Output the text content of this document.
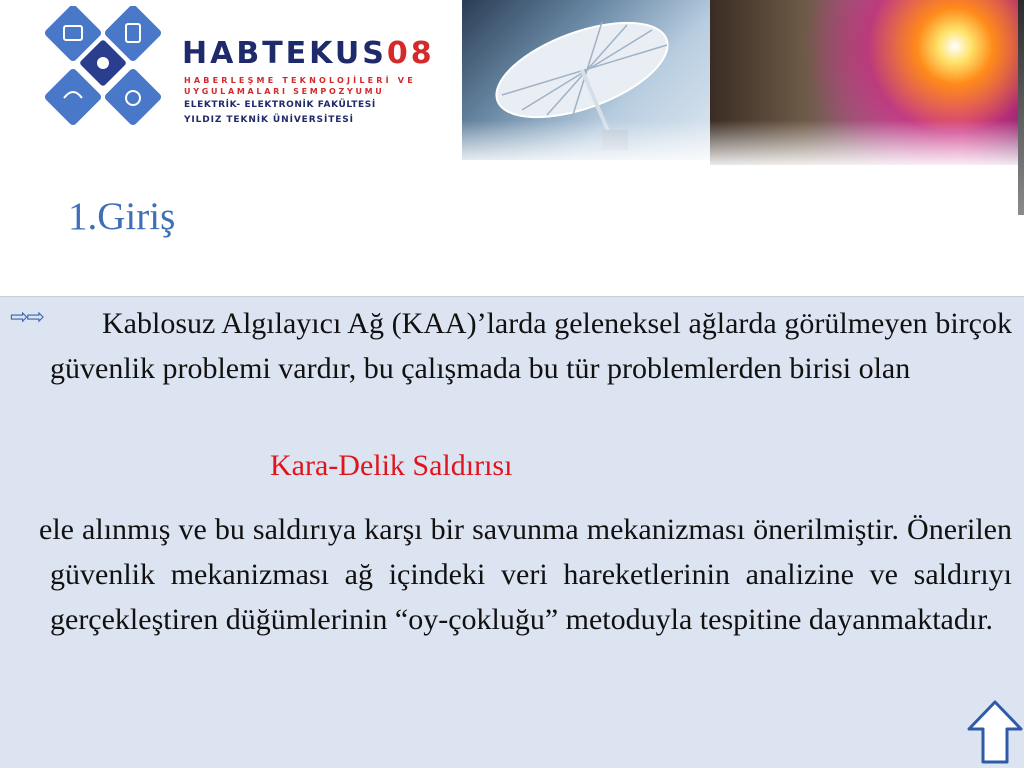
HABTEKUS08
HABERLEŞME TEKNOLOJİLERİ VE
UYGULAMALARI SEMPOZYUMU
ELEKTRİK- ELEKTRONİK FAKÜLTESİ
YILDIZ TEKNİK ÜNİVERSİTESİ
1.Giriş
⇨⇨	Kablosuz Algılayıcı Ağ (KAA)’larda geleneksel ağlarda görülmeyen birçok güvenlik problemi vardır, bu çalışmada bu tür problemlerden birisi olan
Kara-Delik Saldırısı
ele alınmış ve bu saldırıya karşı bir savunma mekanizması önerilmiştir. Önerilen güvenlik mekanizması ağ içindeki veri hareketlerinin analizine ve saldırıyı gerçekleştiren düğümlerinin “oy-çokluğu” metoduyla tespitine dayanmaktadır.
